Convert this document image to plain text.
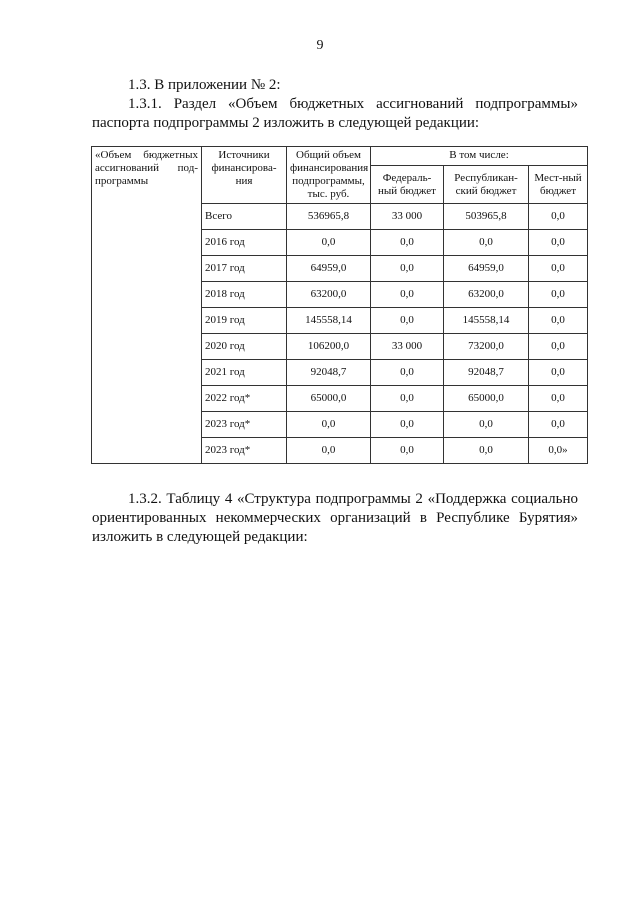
9
1.3. В приложении № 2:
1.3.1. Раздел «Объем бюджетных ассигнований подпрограммы» паспорта подпрограммы 2 изложить в следующей редакции:
«Объем бюджетных ассигнований под-программы	Источники финансирова-ния	Общий объем финансирования подпрограммы, тыс. руб.	В том числе:		
			Федераль-ный бюджет	Республикан-ский бюджет	Мест-ный бюджет
	Всего	536965,8	33 000	503965,8	0,0
	2016 год	0,0	0,0	0,0	0,0
	2017 год	64959,0	0,0	64959,0	0,0
	2018 год	63200,0	0,0	63200,0	0,0
	2019 год	145558,14	0,0	145558,14	0,0
	2020 год	106200,0	33 000	73200,0	0,0
	2021 год	92048,7	0,0	92048,7	0,0
	2022 год*	65000,0	0,0	65000,0	0,0
	2023 год*	0,0	0,0	0,0	0,0
	2023 год*	0,0	0,0	0,0	0,0»
1.3.2. Таблицу 4 «Структура подпрограммы 2 «Поддержка социально ориентированных некоммерческих организаций в Республике Бурятия» изложить в следующей редакции:
